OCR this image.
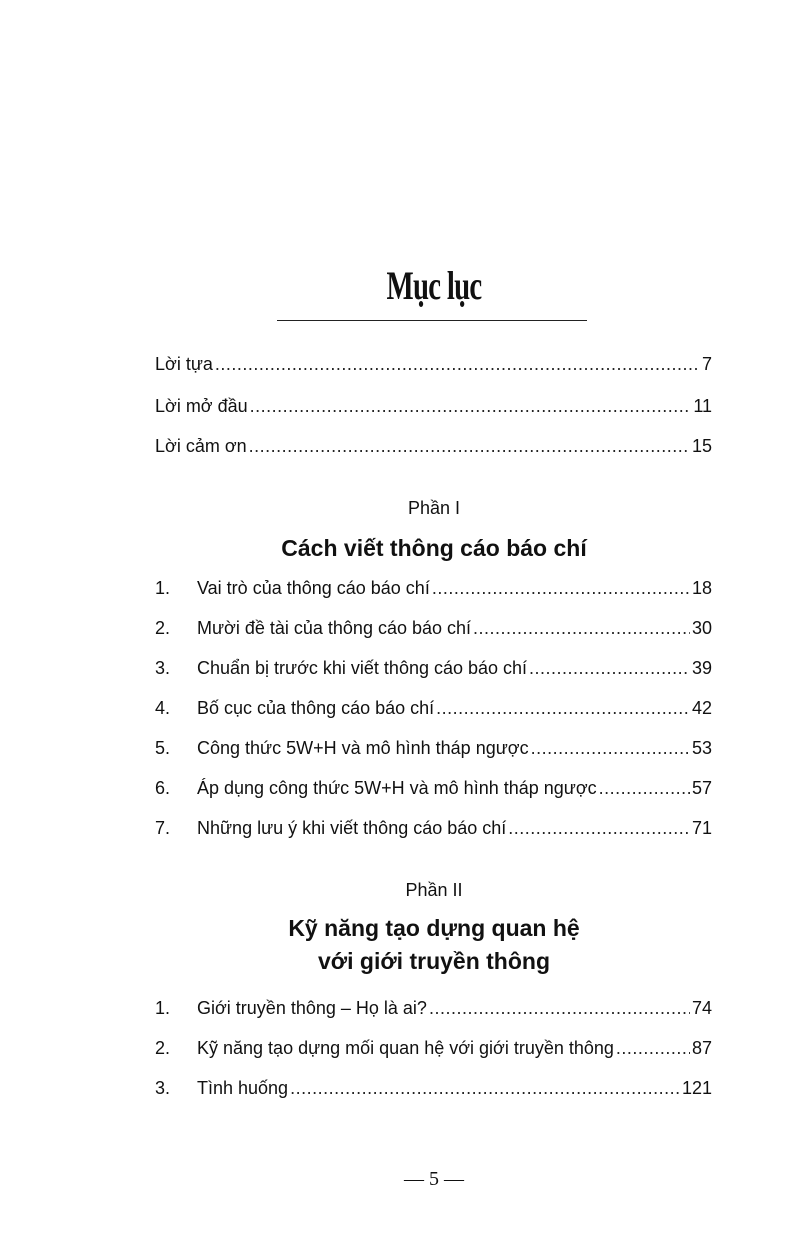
Mục lục
Lời tựa .....	7
Lời mở đầu .....	11
Lời cảm ơn .....	15
Phần I
Cách viết thông cáo báo chí
1.	Vai trò của thông cáo báo chí .....	18
2.	Mười đề tài của thông cáo báo chí .....	30
3.	Chuẩn bị trước khi viết thông cáo báo chí .....	39
4.	Bố cục của thông cáo báo chí .....	42
5.	Công thức 5W+H và mô hình tháp ngược .....	53
6.	Áp dụng công thức 5W+H và mô hình tháp ngược .....	57
7.	Những lưu ý khi viết thông cáo báo chí .....	71
Phần II
Kỹ năng tạo dựng quan hệ
với giới truyền thông
1.	Giới truyền thông – Họ là ai? .....	74
2.	Kỹ năng tạo dựng mối quan hệ với giới truyền thông .....	87
3.	Tình huống .....	121
— 5 —
